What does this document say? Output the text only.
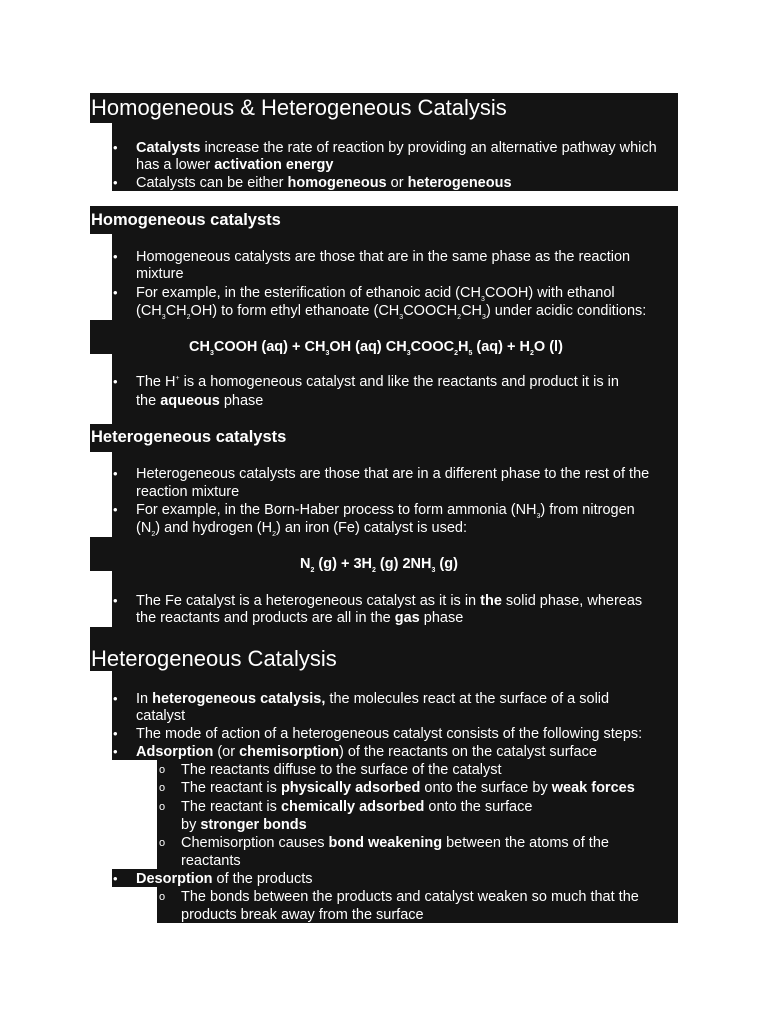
Homogeneous & Heterogeneous Catalysis
• Catalysts increase the rate of reaction by providing an alternative pathway which
has a lower activation energy
• Catalysts can be either homogeneous or heterogeneous
Homogeneous catalysts
• Homogeneous catalysts are those that are in the same phase as the reaction
mixture
• For example, in the esterification of ethanoic acid $(CH_3COOH)$ with ethanol
$(CH_3CH_2OH)$ to form ethyl ethanoate $(CH_3COOCH_2CH_3)$ under acidic conditions:
$CH_3COOH$ $(aq) + CH_3OH$ (aq) $CH_3COOC_2H_5$ $(aq) + H_2O$ (l)
• The H+ is a homogeneous catalyst and like the reactants and product it is in
the aqueous phase
Heterogeneous catalysts
• Heterogeneous catalysts are those that are in a different phase to the rest of the
reaction mixture
• For example, in the Born-Haber process to form ammonia $(NH_3)$ from nitrogen
$(N_2)$ and hydrogen $(H_2)$ an iron (Fe) catalyst is used:
$N_2$ $(g) + 3H_2$ (g) $2NH_3$ (g)
• The Fe catalyst is a heterogeneous catalyst as it is in the solid phase, whereas
the reactants and products are all in the gas phase
Heterogeneous Catalysis
• In heterogeneous catalysis, the molecules react at the surface of a solid
catalyst
• The mode of action of a heterogeneous catalyst consists of the following steps:
• Adsorption (or chemisorption) of the reactants on the catalyst surface
o The reactants diffuse to the surface of the catalyst
o The reactant is physically adsorbed onto the surface by weak forces
o The reactant is chemically adsorbed onto the surface
by stronger bonds
o Chemisorption causes bond weakening between the atoms of the
reactants
• Desorption of the products
o The bonds between the products and catalyst weaken so much that the
products break away from the surface
